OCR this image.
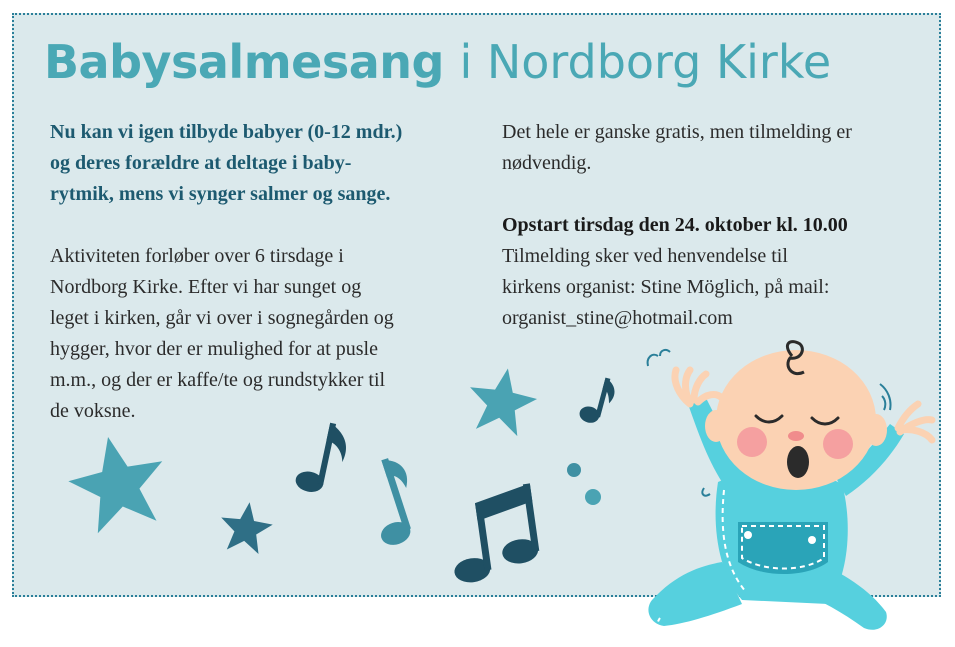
Babysalmesang i Nordborg Kirke

Nu kan vi igen tilbyde babyer (0-12 mdr.)
og deres forældre at deltage i baby-
rytmik, mens vi synger salmer og sange.

Aktiviteten forløber over 6 tirsdage i
Nordborg Kirke. Efter vi har sunget og
leget i kirken, går vi over i sognegården og
hygger, hvor der er mulighed for at pusle
m.m., og der er kaffe/te og rundstykker til
de voksne.

Det hele er ganske gratis, men tilmelding er
nødvendig.

Opstart tirsdag den 24. oktober kl. 10.00
Tilmelding sker ved henvendelse til
kirkens organist: Stine Möglich, på mail:
organist_stine@hotmail.com
